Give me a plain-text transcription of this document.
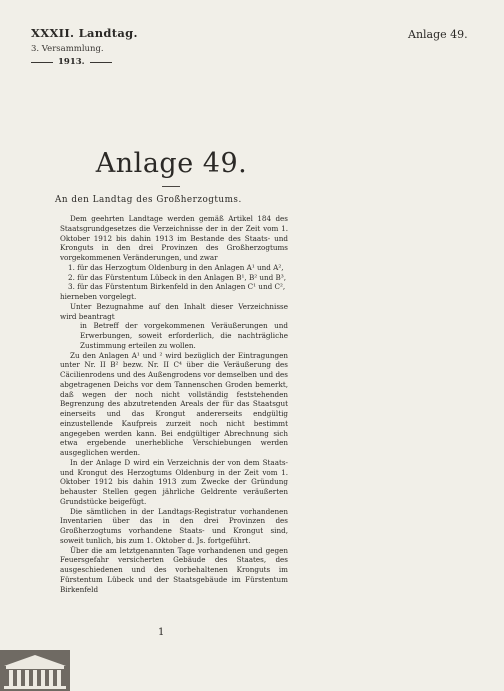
XXXII. Landtag.
3. Versammlung.
1913.
Anlage 49.
Anlage 49.
An den Landtag des Großherzogtums.

Dem geehrten Landtage werden gemäß Artikel 184 des Staatsgrundgesetzes die Verzeichnisse der in der Zeit vom 1. Oktober 1912 bis dahin 1913 im Bestande des Staats- und Kronguts in den drei Provinzen des Großherzogtums vorgekommenen Veränderungen, und zwar

1. für das Herzogtum Oldenburg in den Anlagen A¹ und A²,

2. für das Fürstentum Lübeck in den Anlagen B¹, B² und B³,

3. für das Fürstentum Birkenfeld in den Anlagen C¹ und C²,

hierneben vorgelegt.

Unter Bezugnahme auf den Inhalt dieser Verzeichnisse wird beantragt

in Betreff der vorgekommenen Veräußerungen und Erwerbungen, soweit erforderlich, die nachträgliche Zustimmung erteilen zu wollen.

Zu den Anlagen A¹ und ² wird bezüglich der Eintragungen unter Nr. II B² bezw. Nr. II C⁴ über die Veräußerung des Cäcilienrodens und des Außengrodens vor demselben und des abgetragenen Deichs vor dem Tannenschen Groden bemerkt, daß wegen der noch nicht vollständig feststehenden Begrenzung des abzutretenden Areals der für das Staatsgut einerseits und das Krongut andererseits endgültig einzustellende Kaufpreis zurzeit noch nicht bestimmt angegeben werden kann. Bei endgültiger Abrechnung sich etwa ergebende unerhebliche Verschiebungen werden ausgeglichen werden.

In der Anlage D wird ein Verzeichnis der von dem Staats- und Krongut des Herzogtums Oldenburg in der Zeit vom 1. Oktober 1912 bis dahin 1913 zum Zwecke der Gründung behauster Stellen gegen jährliche Geldrente veräußerten Grundstücke beigefügt.

Die sämtlichen in der Landtags-Registratur vorhandenen Inventarien über das in den drei Provinzen des Großherzogtums vorhandene Staats- und Krongut sind, soweit tunlich, bis zum 1. Oktober d. Js. fortgeführt.

Über die am letztgenannten Tage vorhandenen und gegen Feuersgefahr versicherten Gebäude des Staates, des ausgeschiedenen und des vorbehaltenen Kronguts im Fürstentum Lübeck und der Staatsgebäude im Fürstentum Birkenfeld

1
